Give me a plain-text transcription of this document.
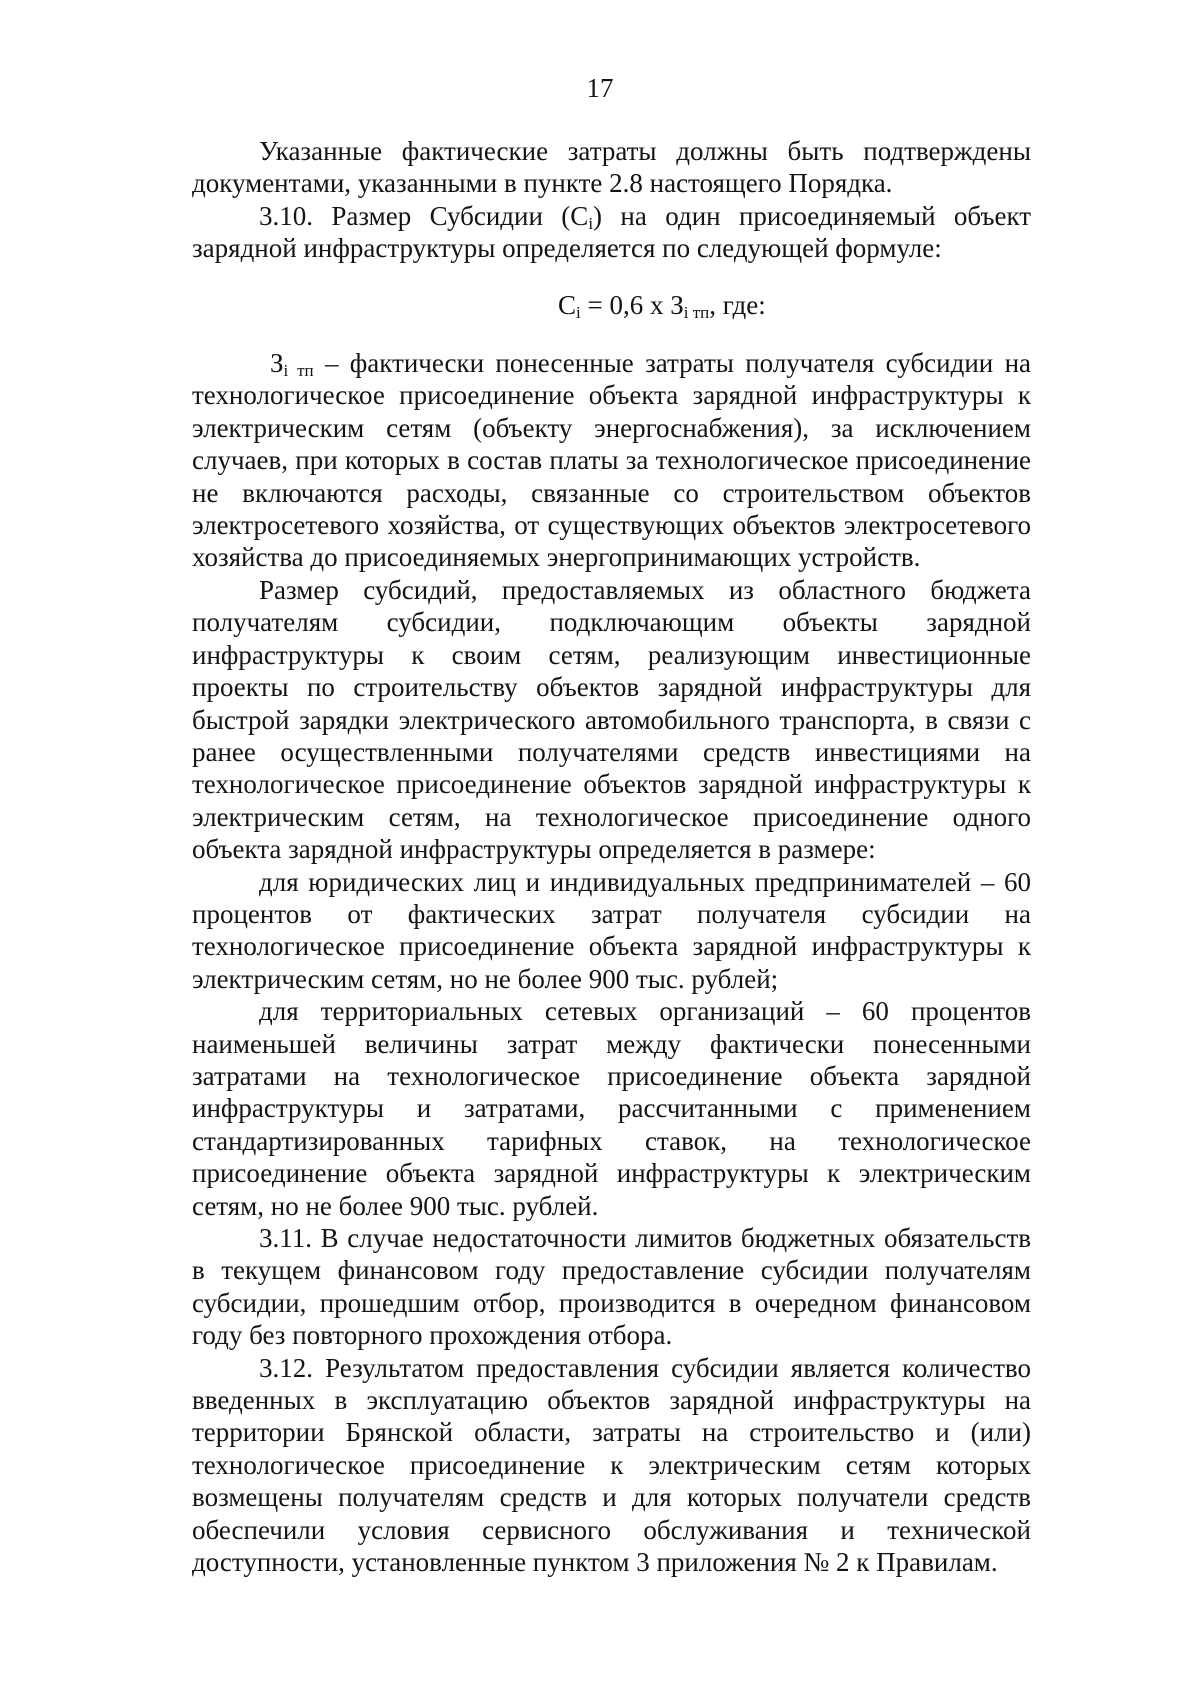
17

Указанные фактические затраты должны быть подтверждены документами, указанными в пункте 2.8 настоящего Порядка.

3.10. Размер Субсидии $(C_i)$ на один присоединяемый объект зарядной инфраструктуры определяется по следующей формуле:

$C_i = 0,6$ x $З_{i тп}$, где:

$З_{i тп}$ – фактически понесенные затраты получателя субсидии на технологическое присоединение объекта зарядной инфраструктуры к электрическим сетям (объекту энергоснабжения), за исключением случаев, при которых в состав платы за технологическое присоединение не включаются расходы, связанные со строительством объектов электросетевого хозяйства, от существующих объектов электросетевого хозяйства до присоединяемых энергопринимающих устройств.

Размер субсидий, предоставляемых из областного бюджета получателям субсидии, подключающим объекты зарядной инфраструктуры к своим сетям, реализующим инвестиционные проекты по строительству объектов зарядной инфраструктуры для быстрой зарядки электрического автомобильного транспорта, в связи с ранее осуществленными получателями средств инвестициями на технологическое присоединение объектов зарядной инфраструктуры к электрическим сетям, на технологическое присоединение одного объекта зарядной инфраструктуры определяется в размере:

для юридических лиц и индивидуальных предпринимателей – 60 процентов от фактических затрат получателя субсидии на технологическое присоединение объекта зарядной инфраструктуры к электрическим сетям, но не более 900 тыс. рублей;

для территориальных сетевых организаций – 60 процентов наименьшей величины затрат между фактически понесенными затратами на технологическое присоединение объекта зарядной инфраструктуры и затратами, рассчитанными с применением стандартизированных тарифных ставок, на технологическое присоединение объекта зарядной инфраструктуры к электрическим сетям, но не более 900 тыс. рублей.

3.11. В случае недостаточности лимитов бюджетных обязательств в текущем финансовом году предоставление субсидии получателям субсидии, прошедшим отбор, производится в очередном финансовом году без повторного прохождения отбора.

3.12. Результатом предоставления субсидии является количество введенных в эксплуатацию объектов зарядной инфраструктуры на территории Брянской области, затраты на строительство и (или) технологическое присоединение к электрическим сетям которых возмещены получателям средств и для которых получатели средств обеспечили условия сервисного обслуживания и технической доступности, установленные пунктом 3 приложения № 2 к Правилам.
